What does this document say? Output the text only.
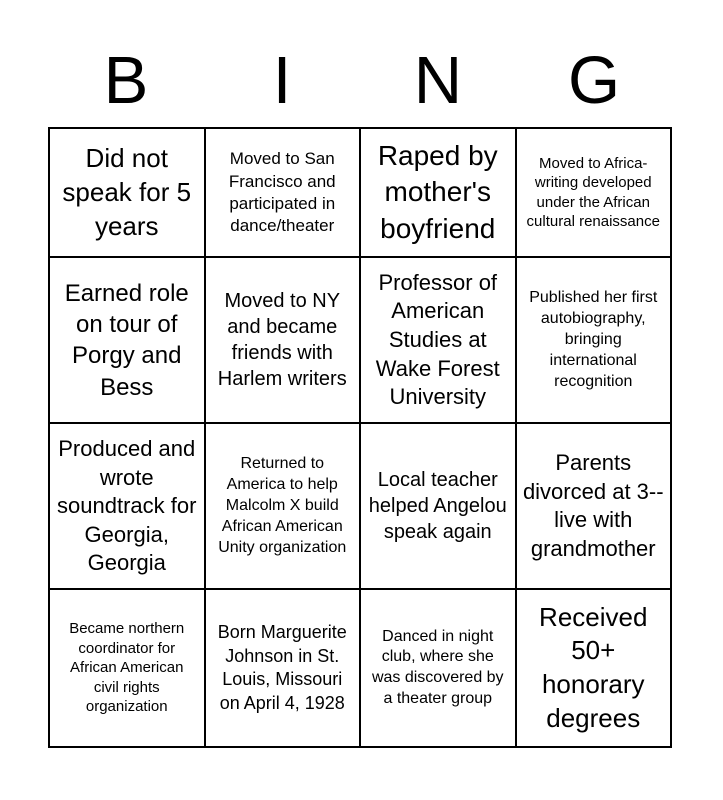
B	I	N	G
Did not speak for 5 years	Moved to San Francisco and participated in dance/theater	Raped by mother's boyfriend	Moved to Africa- writing developed under the African cultural renaissance
Earned role on tour of Porgy and Bess	Moved to NY and became friends with Harlem writers	Professor of American Studies at Wake Forest University	Published her first autobiography, bringing international recognition
Produced and wrote soundtrack for Georgia, Georgia	Returned to America to help Malcolm X build African American Unity organization	Local teacher helped Angelou speak again	Parents divorced at 3-- live with grandmother
Became northern coordinator for African American civil rights organization	Born Marguerite Johnson in St. Louis, Missouri on April 4, 1928	Danced in night club, where she was discovered by a theater group	Received 50+ honorary degrees
